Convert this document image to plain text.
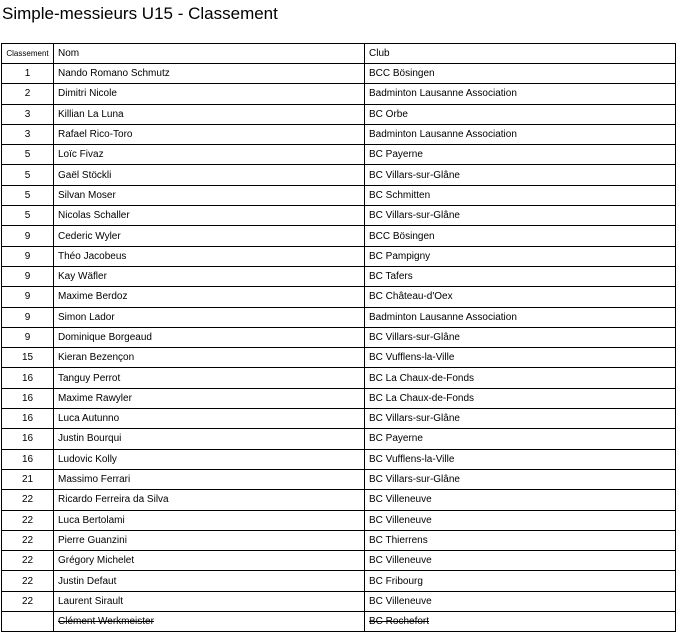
Simple-messieurs U15 - Classement
Classement	Nom	Club
1	Nando Romano Schmutz	BCC Bösingen
2	Dimitri Nicole	Badminton Lausanne Association
3	Killian La Luna	BC Orbe
3	Rafael Rico-Toro	Badminton Lausanne Association
5	Loïc Fivaz	BC Payerne
5	Gaël Stöckli	BC Villars-sur-Glâne
5	Silvan Moser	BC Schmitten
5	Nicolas Schaller	BC Villars-sur-Glâne
9	Cederic Wyler	BCC Bösingen
9	Théo Jacobeus	BC Pampigny
9	Kay Wäfler	BC Tafers
9	Maxime Berdoz	BC Château-d'Oex
9	Simon Lador	Badminton Lausanne Association
9	Dominique Borgeaud	BC Villars-sur-Glâne
15	Kieran Bezençon	BC Vufflens-la-Ville
16	Tanguy Perrot	BC La Chaux-de-Fonds
16	Maxime Rawyler	BC La Chaux-de-Fonds
16	Luca Autunno	BC Villars-sur-Glâne
16	Justin Bourqui	BC Payerne
16	Ludovic Kolly	BC Vufflens-la-Ville
21	Massimo Ferrari	BC Villars-sur-Glâne
22	Ricardo Ferreira da Silva	BC Villeneuve
22	Luca Bertolami	BC Villeneuve
22	Pierre Guanzini	BC Thierrens
22	Grégory Michelet	BC Villeneuve
22	Justin Defaut	BC Fribourg
22	Laurent Sirault	BC Villeneuve
	Clément Werkmeister	BC Rochefort
